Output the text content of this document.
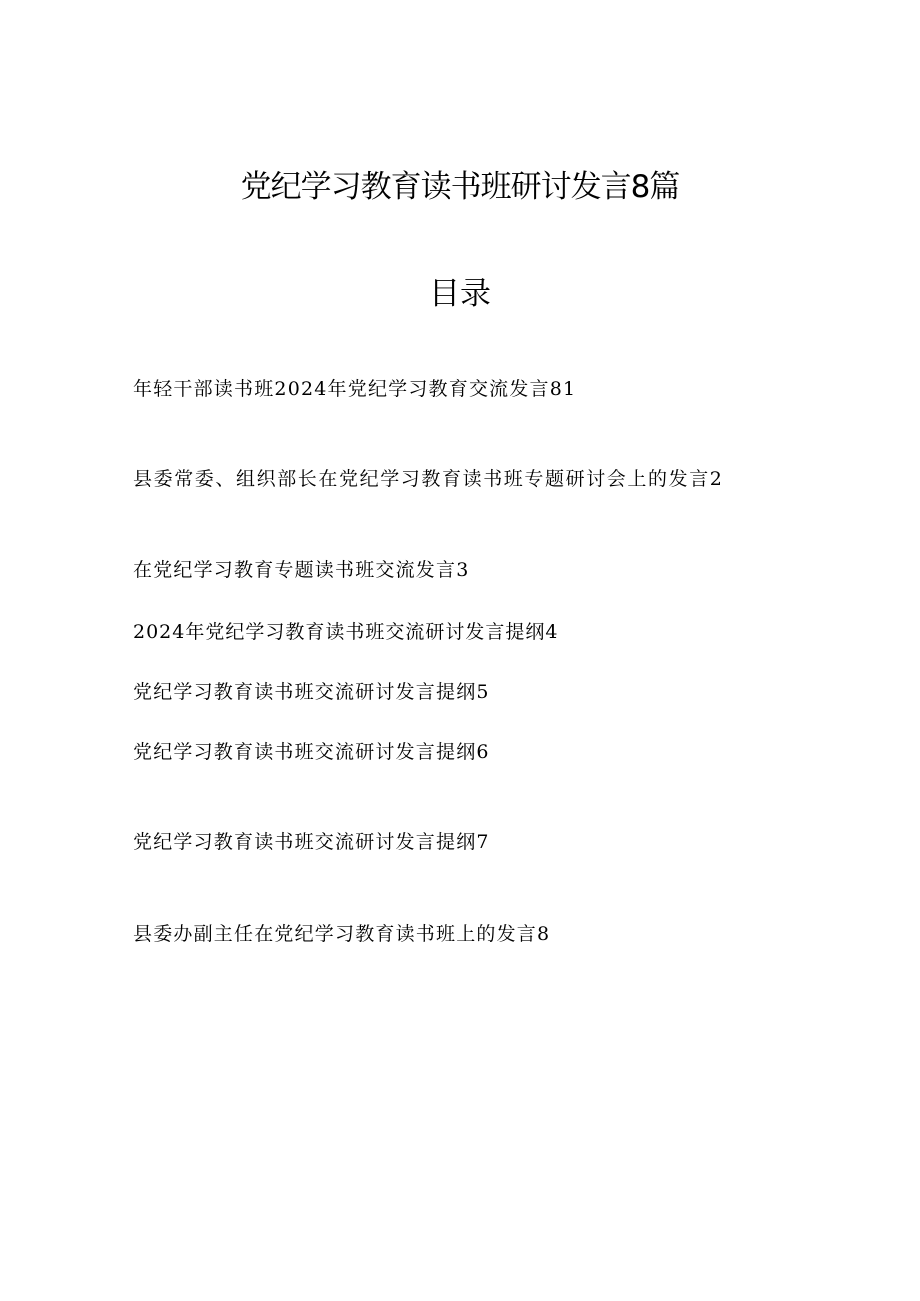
党纪学习教育读书班研讨发言8篇
目录
年轻干部读书班2024年党纪学习教育交流发言81
县委常委、组织部长在党纪学习教育读书班专题研讨会上的发言2
在党纪学习教育专题读书班交流发言3
2024年党纪学习教育读书班交流研讨发言提纲4
党纪学习教育读书班交流研讨发言提纲5
党纪学习教育读书班交流研讨发言提纲6
党纪学习教育读书班交流研讨发言提纲7
县委办副主任在党纪学习教育读书班上的发言8
